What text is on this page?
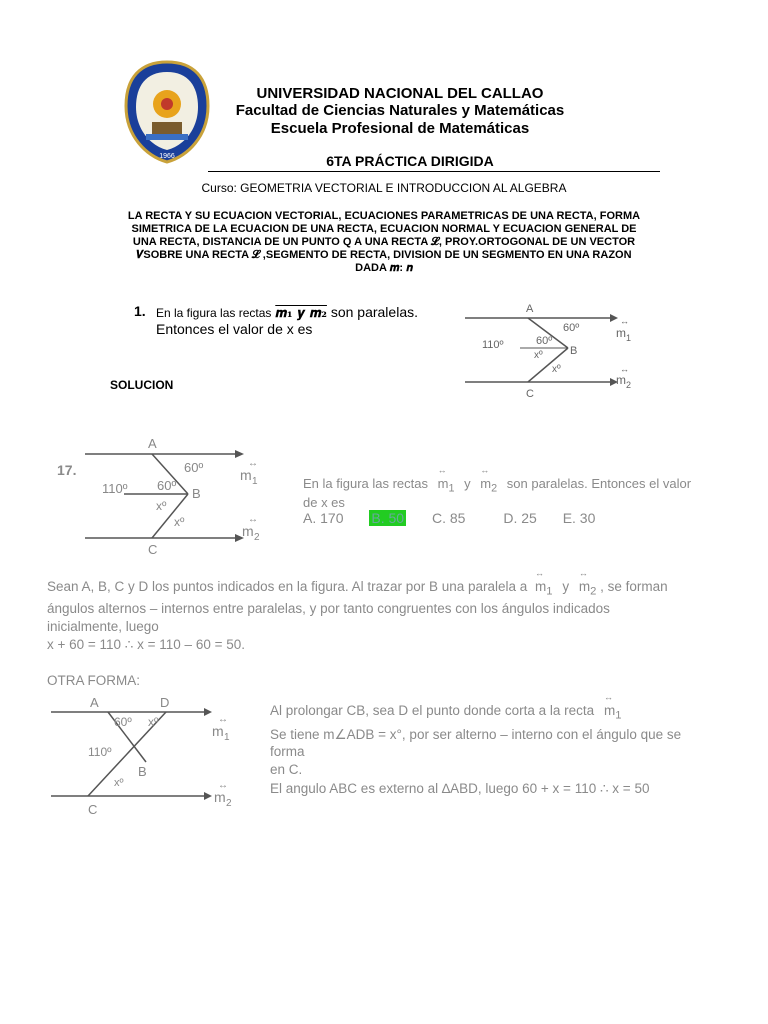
1966
UNIVERSIDAD NACIONAL DEL CALLAO
Facultad de Ciencias Naturales y Matemáticas
Escuela Profesional de Matemáticas
6TA PRÁCTICA DIRIGIDA
Curso: GEOMETRIA VECTORIAL E INTRODUCCION AL ALGEBRA
LA RECTA Y SU ECUACION VECTORIAL, ECUACIONES PARAMETRICAS DE UNA RECTA, FORMA
SIMETRICA DE LA ECUACION DE UNA RECTA, ECUACION NORMAL Y ECUACION GENERAL DE
UNA RECTA, DISTANCIA DE UN PUNTO Q A UNA RECTA 𝓛, PROY.ORTOGONAL DE UN VECTOR
𝑽SOBRE UNA RECTA 𝓛 ,SEGMENTO DE RECTA, DIVISION DE UN SEGMENTO EN UNA RAZON
DADA 𝒎: 𝒏
1. En la figura las rectas 𝒎₁ 𝒚 𝒎₂ son paralelas.
Entonces el valor de x es
A
B
C
60º
60º
110º
xº
xº
↔
m 1
↔
m 2
SOLUCION
17.
A
B
C
60º
60º
110º
xº
xº
↔
m 1
↔
m 2
En la figura las rectas
↔
$m_1$ y
↔
$m_2$ son paralelas. Entonces el valor
de x es
A. 170 B. 50 C. 85	D. 25 E. 30
Sean A, B, C y D los puntos indicados en la figura. Al trazar por B una paralela a
↔
$m_1$ y
↔
$m_2$ , se forman
ángulos alternos – internos entre paralelas, y por tanto congruentes con los ángulos indicados
inicialmente, luego
x + 60 = 110 ∴ x = 110 – 60 = 50.
OTRA FORMA:
A	D
B
C
60º xº
110º
xº
↔
m 1
↔
m 2
Al prolongar CB, sea D el punto donde corta a la recta
↔
$m_1$
Se tiene m∠ADB = x°, por ser alterno – interno con el ángulo que se
forma
en C.
El angulo ABC es externo al ∆ABD, luego 60 + x = 110 ∴ x = 50
